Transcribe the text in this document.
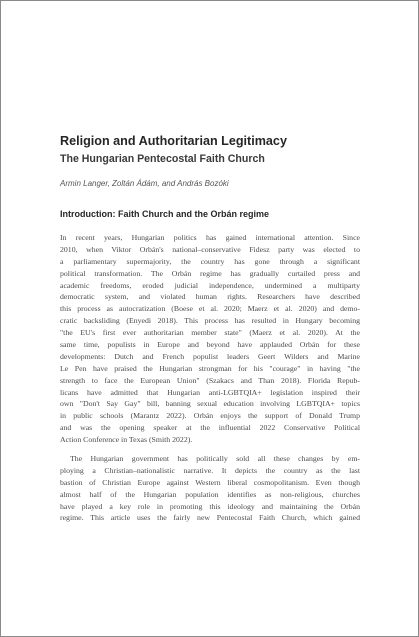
Religion and Authoritarian Legitimacy
The Hungarian Pentecostal Faith Church

Armin Langer, Zoltán Ádám, and András Bozóki

Introduction: Faith Church and the Orbán regime
In recent years, Hungarian politics has gained international attention. Since
2010, when Viktor Orbán's national–conservative Fidesz party was elected to
a parliamentary supermajority, the country has gone through a significant
political transformation. The Orbán regime has gradually curtailed press and
academic freedoms, eroded judicial independence, undermined a multiparty
democratic system, and violated human rights. Researchers have described
this process as autocratization (Boese et al. 2020; Maerz et al. 2020) and demo-
cratic backsliding (Enyedi 2018). This process has resulted in Hungary becoming
"the EU's first ever authoritarian member state" (Maerz et al. 2020). At the
same time, populists in Europe and beyond have applauded Orbán for these
developments: Dutch and French populist leaders Geert Wilders and Marine
Le Pen have praised the Hungarian strongman for his "courage" in having "the
strength to face the European Union" (Szakacs and Than 2018). Florida Repub-
licans have admitted that Hungarian anti-LGBTQIA+ legislation inspired their
own "Don't Say Gay" bill, banning sexual education involving LGBTQIA+ topics
in public schools (Marantz 2022). Orbán enjoys the support of Donald Trump
and was the opening speaker at the influential 2022 Conservative Political
Action Conference in Texas (Smith 2022).
The Hungarian government has politically sold all these changes by em-
ploying a Christian–nationalistic narrative. It depicts the country as the last
bastion of Christian Europe against Western liberal cosmopolitanism. Even though
almost half of the Hungarian population identifies as non-religious, churches
have played a key role in promoting this ideology and maintaining the Orbán
regime. This article uses the fairly new Pentecostal Faith Church, which gained
